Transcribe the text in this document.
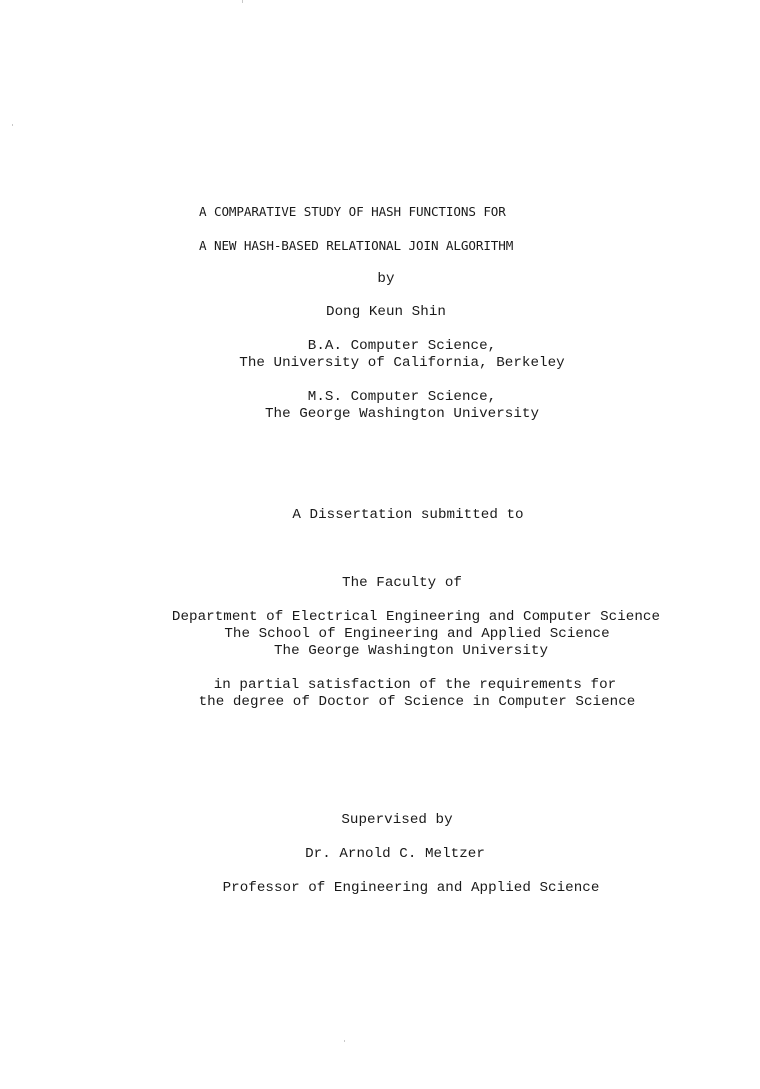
A COMPARATIVE STUDY OF HASH FUNCTIONS FOR
A NEW HASH-BASED RELATIONAL JOIN ALGORITHM
by
Dong Keun Shin
B.A. Computer Science,
The University of California, Berkeley
M.S. Computer Science,
The George Washington University
A Dissertation submitted to
The Faculty of
Department of Electrical Engineering and Computer Science
The School of Engineering and Applied Science
The George Washington University
in partial satisfaction of the requirements for
the degree of Doctor of Science in Computer Science
Supervised by
Dr. Arnold C. Meltzer
Professor of Engineering and Applied Science
